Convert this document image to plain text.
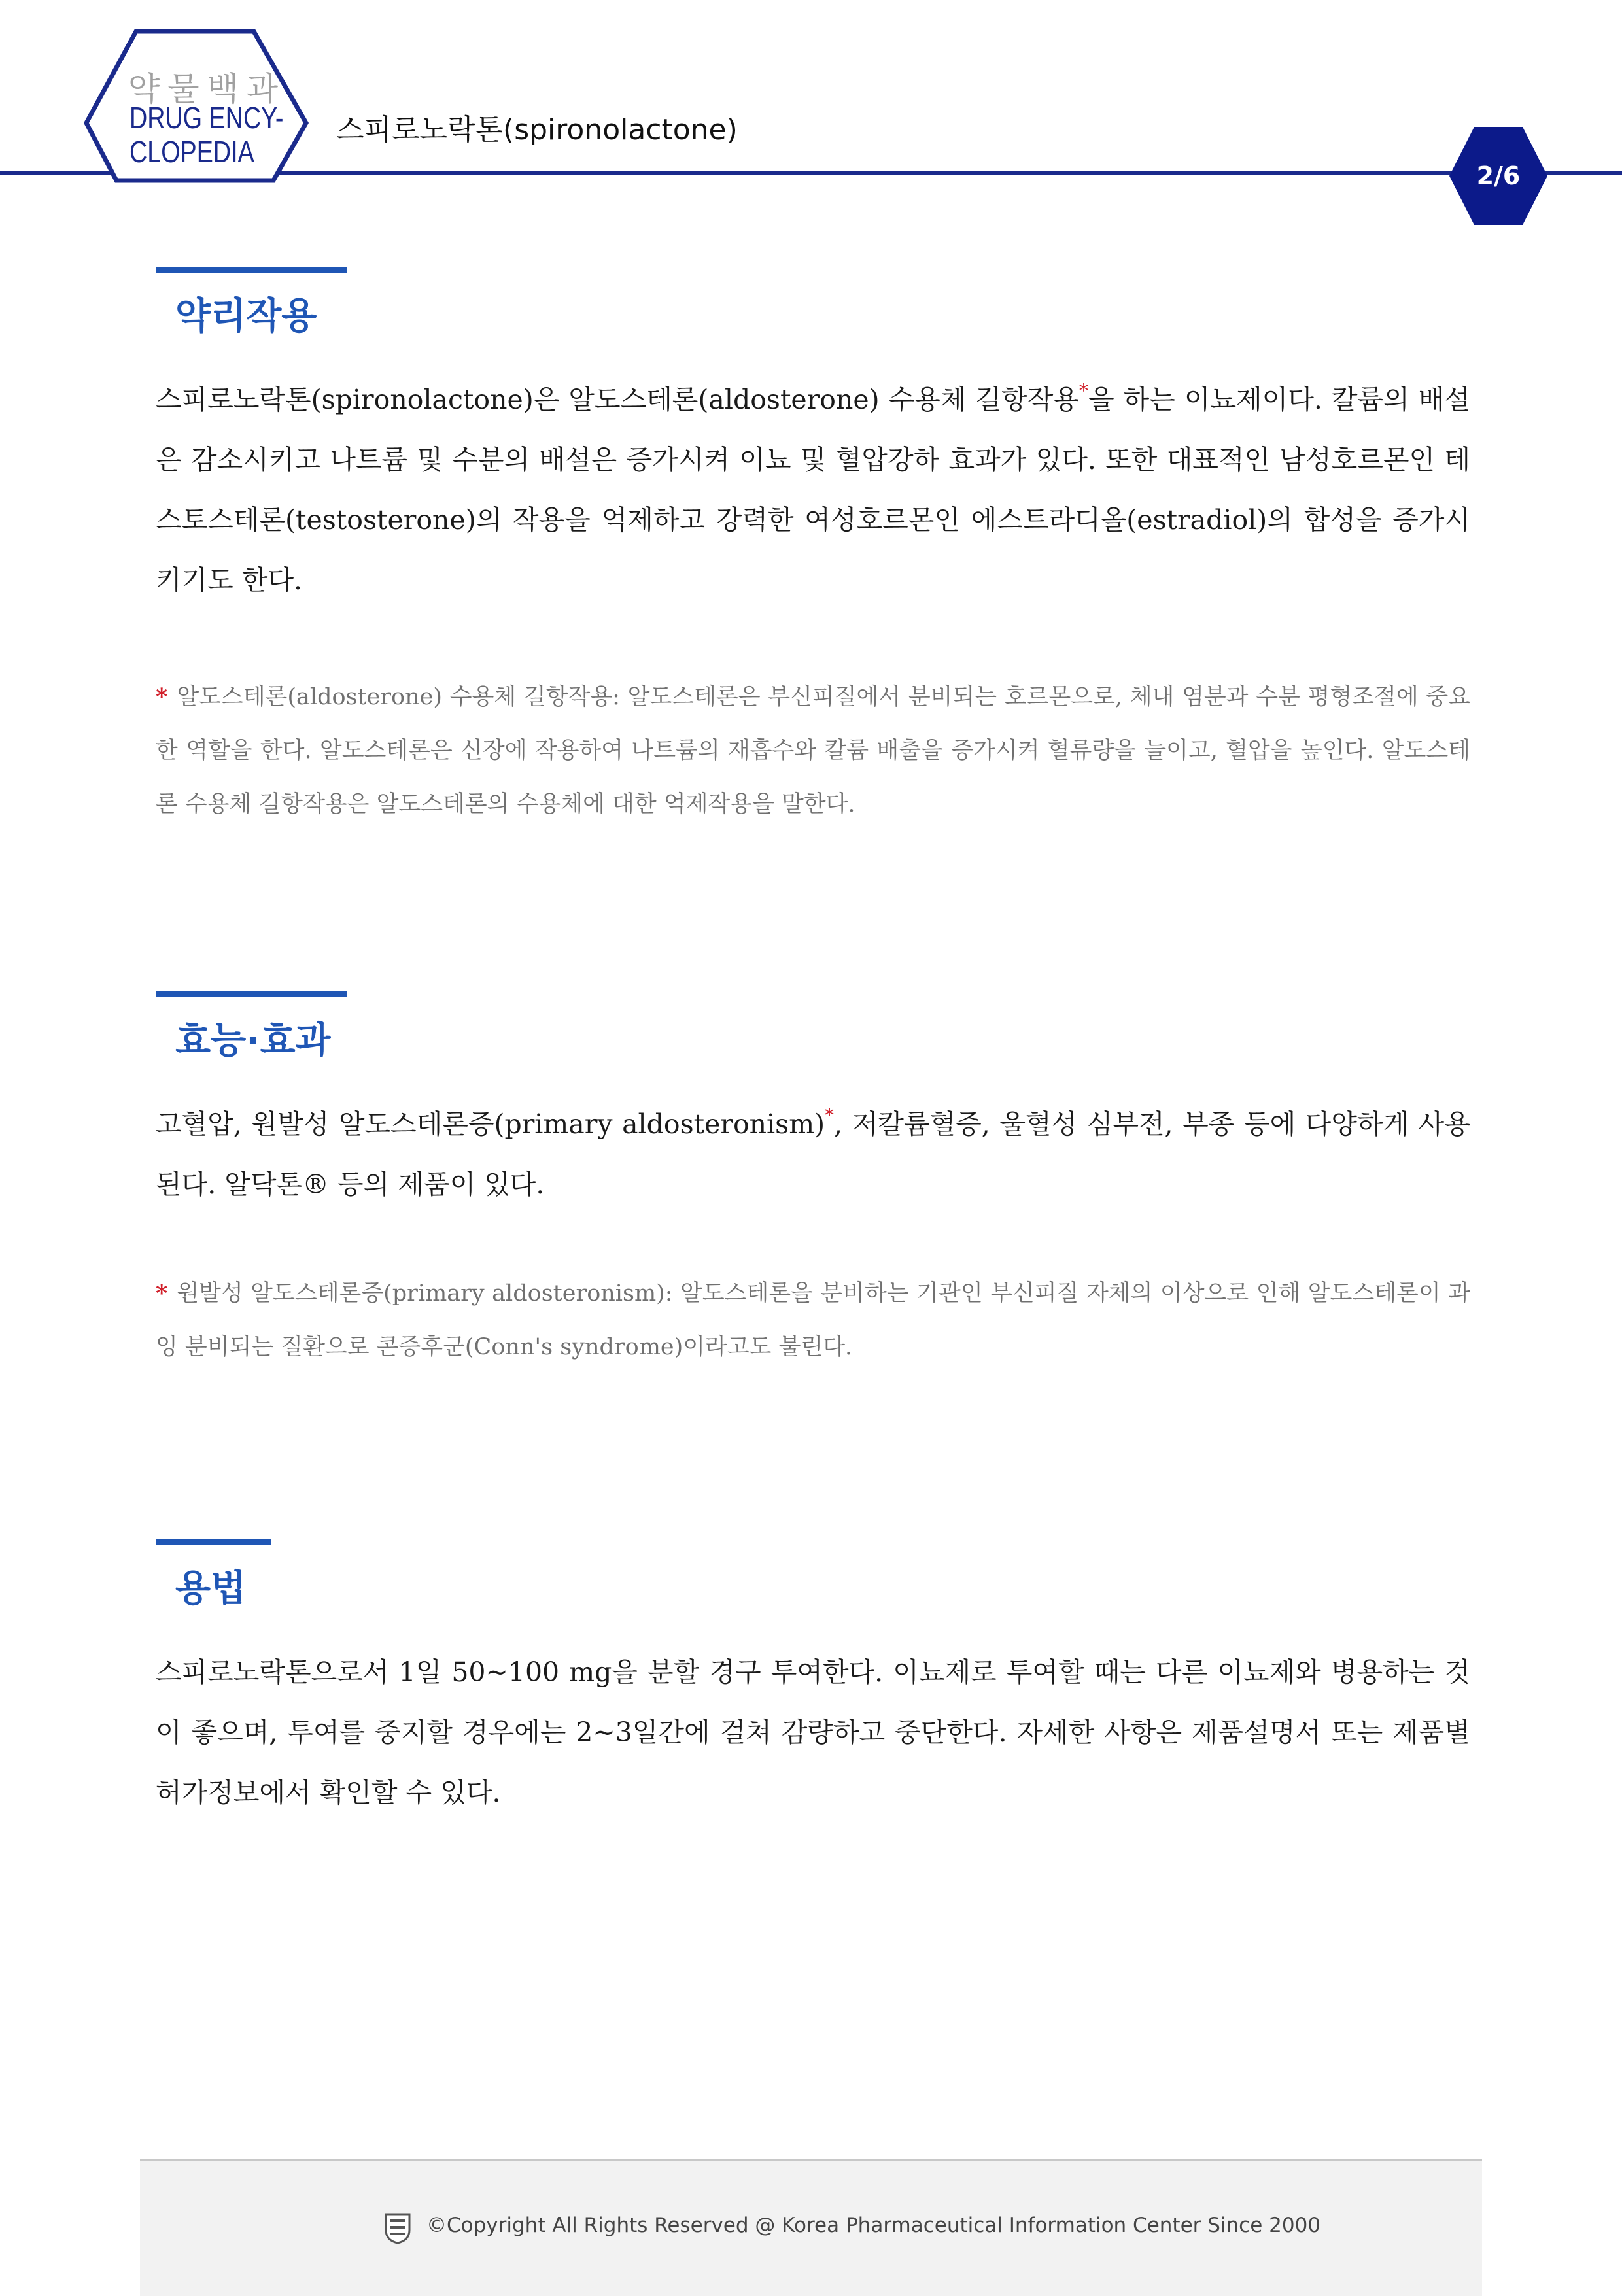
약물백과
DRUG ENCY-
CLOPEDIA
스피로노락톤(spironolactone)
2/6
약리작용

스피로노락톤(spironolactone)은 알도스테론(aldosterone) 수용체 길항작용*을 하는 이뇨제이다. 칼륨의 배설은 감소시키고 나트륨 및 수분의 배설은 증가시켜 이뇨 및 혈압강하 효과가 있다. 또한 대표적인 남성호르몬인 테스토스테론(testosterone)의 작용을 억제하고 강력한 여성호르몬인 에스트라디올(estradiol)의 합성을 증가시키기도 한다.

* 알도스테론(aldosterone) 수용체 길항작용: 알도스테론은 부신피질에서 분비되는 호르몬으로, 체내 염분과 수분 평형조절에 중요한 역할을 한다. 알도스테론은 신장에 작용하여 나트륨의 재흡수와 칼륨 배출을 증가시켜 혈류량을 늘이고, 혈압을 높인다. 알도스테론 수용체 길항작용은 알도스테론의 수용체에 대한 억제작용을 말한다.

효능·효과

고혈압, 원발성 알도스테론증(primary aldosteronism)*, 저칼륨혈증, 울혈성 심부전, 부종 등에 다양하게 사용된다. 알닥톤® 등의 제품이 있다.

* 원발성 알도스테론증(primary aldosteronism): 알도스테론을 분비하는 기관인 부신피질 자체의 이상으로 인해 알도스테론이 과잉 분비되는 질환으로 콘증후군(Conn's syndrome)이라고도 불린다.

용법

스피로노락톤으로서 1일 50~100 mg을 분할 경구 투여한다. 이뇨제로 투여할 때는 다른 이뇨제와 병용하는 것이 좋으며, 투여를 중지할 경우에는 2~3일간에 걸쳐 감량하고 중단한다. 자세한 사항은 제품설명서 또는 제품별 허가정보에서 확인할 수 있다.

©Copyright All Rights Reserved @ Korea Pharmaceutical Information Center Since 2000
